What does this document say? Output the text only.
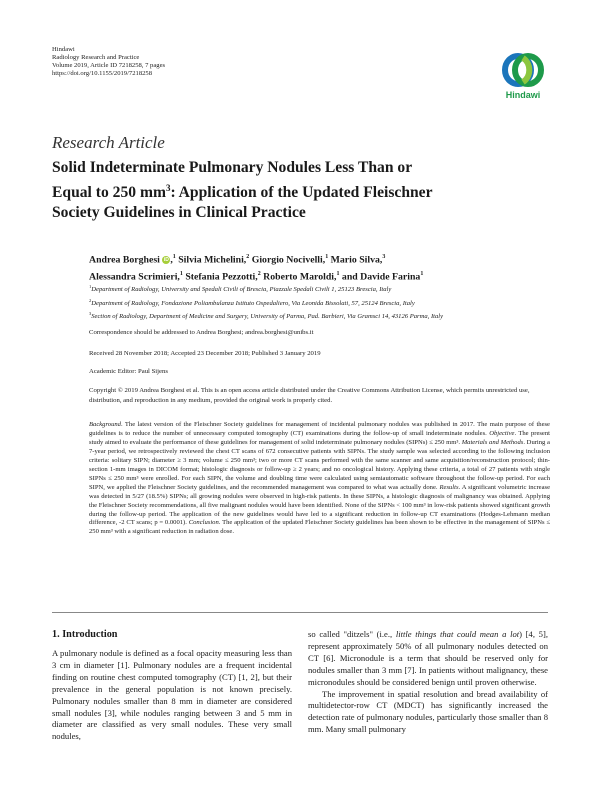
Hindawi
Radiology Research and Practice
Volume 2019, Article ID 7218258, 7 pages
https://doi.org/10.1155/2019/7218258
Hindawi
Research Article
Solid Indeterminate Pulmonary Nodules Less Than or
Equal to 250 $mm^3$: Application of the Updated Fleischner
Society Guidelines in Clinical Practice
Andrea Borghesi iD ,$^1$ Silvia Michelini,$^2$ Giorgio Nocivelli,$^1$ Mario Silva,$^3$
Alessandra Scrimieri,$^1$ Stefania Pezzotti,$^2$ Roberto Maroldi,$^1$ and Davide Farina$^1$
$^1$Department of Radiology, University and Spedali Civili of Brescia, Piazzale Spedali Civili 1, 25123 Brescia, Italy
$^2$Department of Radiology, Fondazione Poliambulanza Istituto Ospedaliero, Via Leonida Bissolati, 57, 25124 Brescia, Italy
$^3$Section of Radiology, Department of Medicine and Surgery, University of Parma, Pad. Barbieri, Via Gramsci 14, 43126 Parma, Italy
Correspondence should be addressed to Andrea Borghesi; andrea.borghesi@unibs.it
Received 28 November 2018; Accepted 23 December 2018; Published 3 January 2019
Academic Editor: Paul Sijens
Copyright © 2019 Andrea Borghesi et al. This is an open access article distributed under the Creative Commons Attribution License, which permits unrestricted use, distribution, and reproduction in any medium, provided the original work is properly cited.
Background. The latest version of the Fleischner Society guidelines for management of incidental pulmonary nodules was published in 2017. The main purpose of these guidelines is to reduce the number of unnecessary computed tomography (CT) examinations during the follow-up of small indeterminate nodules. Objective. The present study aimed to evaluate the performance of these guidelines for management of solid indeterminate pulmonary nodules (SIPNs) ≤ 250 mm³. Materials and Methods. During a 7-year period, we retrospectively reviewed the chest CT scans of 672 consecutive patients with SIPNs. The study sample was selected according to the following inclusion criteria: solitary SIPN; diameter ≥ 3 mm; volume ≤ 250 mm³; two or more CT scans performed with the same scanner and same acquisition/reconstruction protocol; thin-section 1-mm images in DICOM format; histologic diagnosis or follow-up ≥ 2 years; and no oncological history. Applying these criteria, a total of 27 patients with single SIPNs ≤ 250 mm³ were enrolled. For each SIPN, the volume and doubling time were calculated using semiautomatic software throughout the follow-up period. For each SIPN, we applied the Fleischner Society guidelines, and the recommended management was compared to what was actually done. Results. A significant volumetric increase was detected in 5/27 (18.5%) SIPNs; all growing nodules were observed in high-risk patients. In these SIPNs, a histologic diagnosis of malignancy was obtained. Applying the Fleischner Society recommendations, all five malignant nodules would have been identified. None of the SIPNs < 100 mm³ in low-risk patients showed significant growth during the follow-up period. The application of the new guidelines would have led to a significant reduction in follow-up CT examinations (Hodges-Lehmann median difference, -2 CT scans; p = 0.0001). Conclusion. The application of the updated Fleischner Society guidelines has been shown to be effective in the management of SIPNs ≤ 250 mm³ with a significant reduction in radiation dose.
1. Introduction

A pulmonary nodule is defined as a focal opacity measuring less than 3 cm in diameter [1]. Pulmonary nodules are a frequent incidental finding on routine chest computed tomography (CT) [1, 2], but their prevalence in the general population is not known precisely. Pulmonary nodules smaller than 8 mm in diameter are considered small nodules [3], while nodules ranging between 3 and 5 mm in diameter are classified as very small nodules. These very small nodules,

so called "ditzels" (i.e., little things that could mean a lot) [4, 5], represent approximately 50% of all pulmonary nodules detected on CT [6]. Micronodule is a term that should be reserved only for nodules smaller than 3 mm [7]. In patients without malignancy, these micronodules should be considered benign until proven otherwise.

The improvement in spatial resolution and bread availability of multidetector-row CT (MDCT) has significantly increased the detection rate of pulmonary nodules, particularly those smaller than 8 mm. Many small pulmonary
